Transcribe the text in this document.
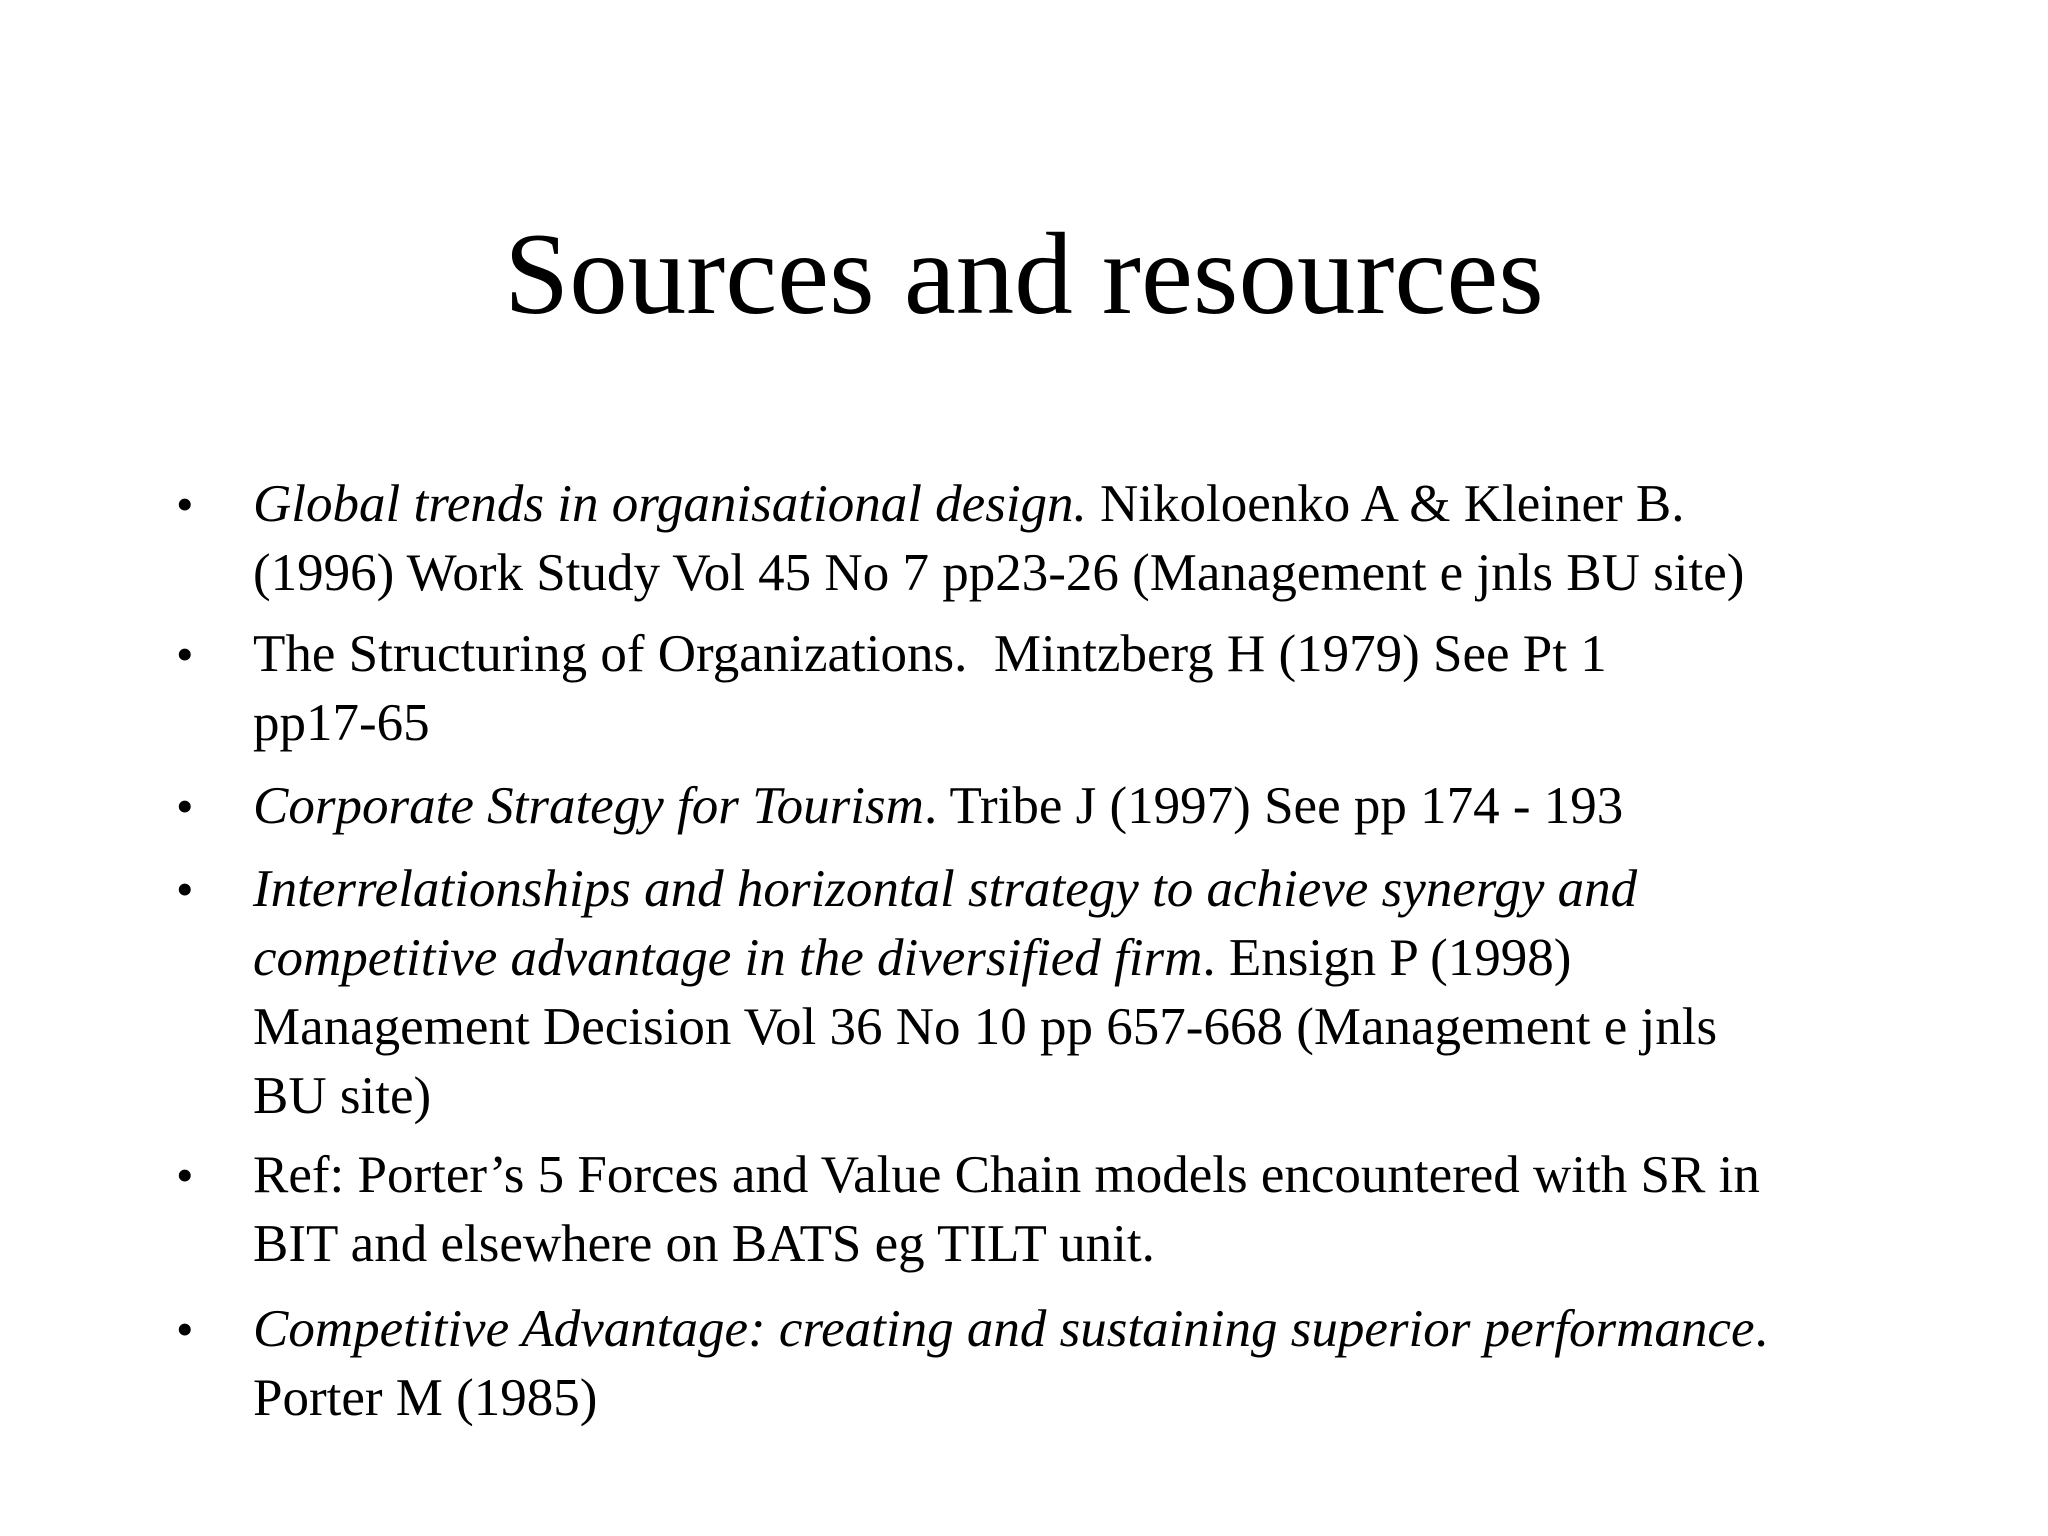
Sources and resources
• Global trends in organisational design. Nikoloenko A & Kleiner B.
(1996) Work Study Vol 45 No 7 pp23-26 (Management e jnls BU site)
• The Structuring of Organizations.  Mintzberg H (1979) See Pt 1
pp17-65
• Corporate Strategy for Tourism. Tribe J (1997) See pp 174 - 193
• Interrelationships and horizontal strategy to achieve synergy and
competitive advantage in the diversified firm. Ensign P (1998)
Management Decision Vol 36 No 10 pp 657-668 (Management e jnls
BU site)
• Ref: Porter’s 5 Forces and Value Chain models encountered with SR in
BIT and elsewhere on BATS eg TILT unit.
• Competitive Advantage: creating and sustaining superior performance.
Porter M (1985)
